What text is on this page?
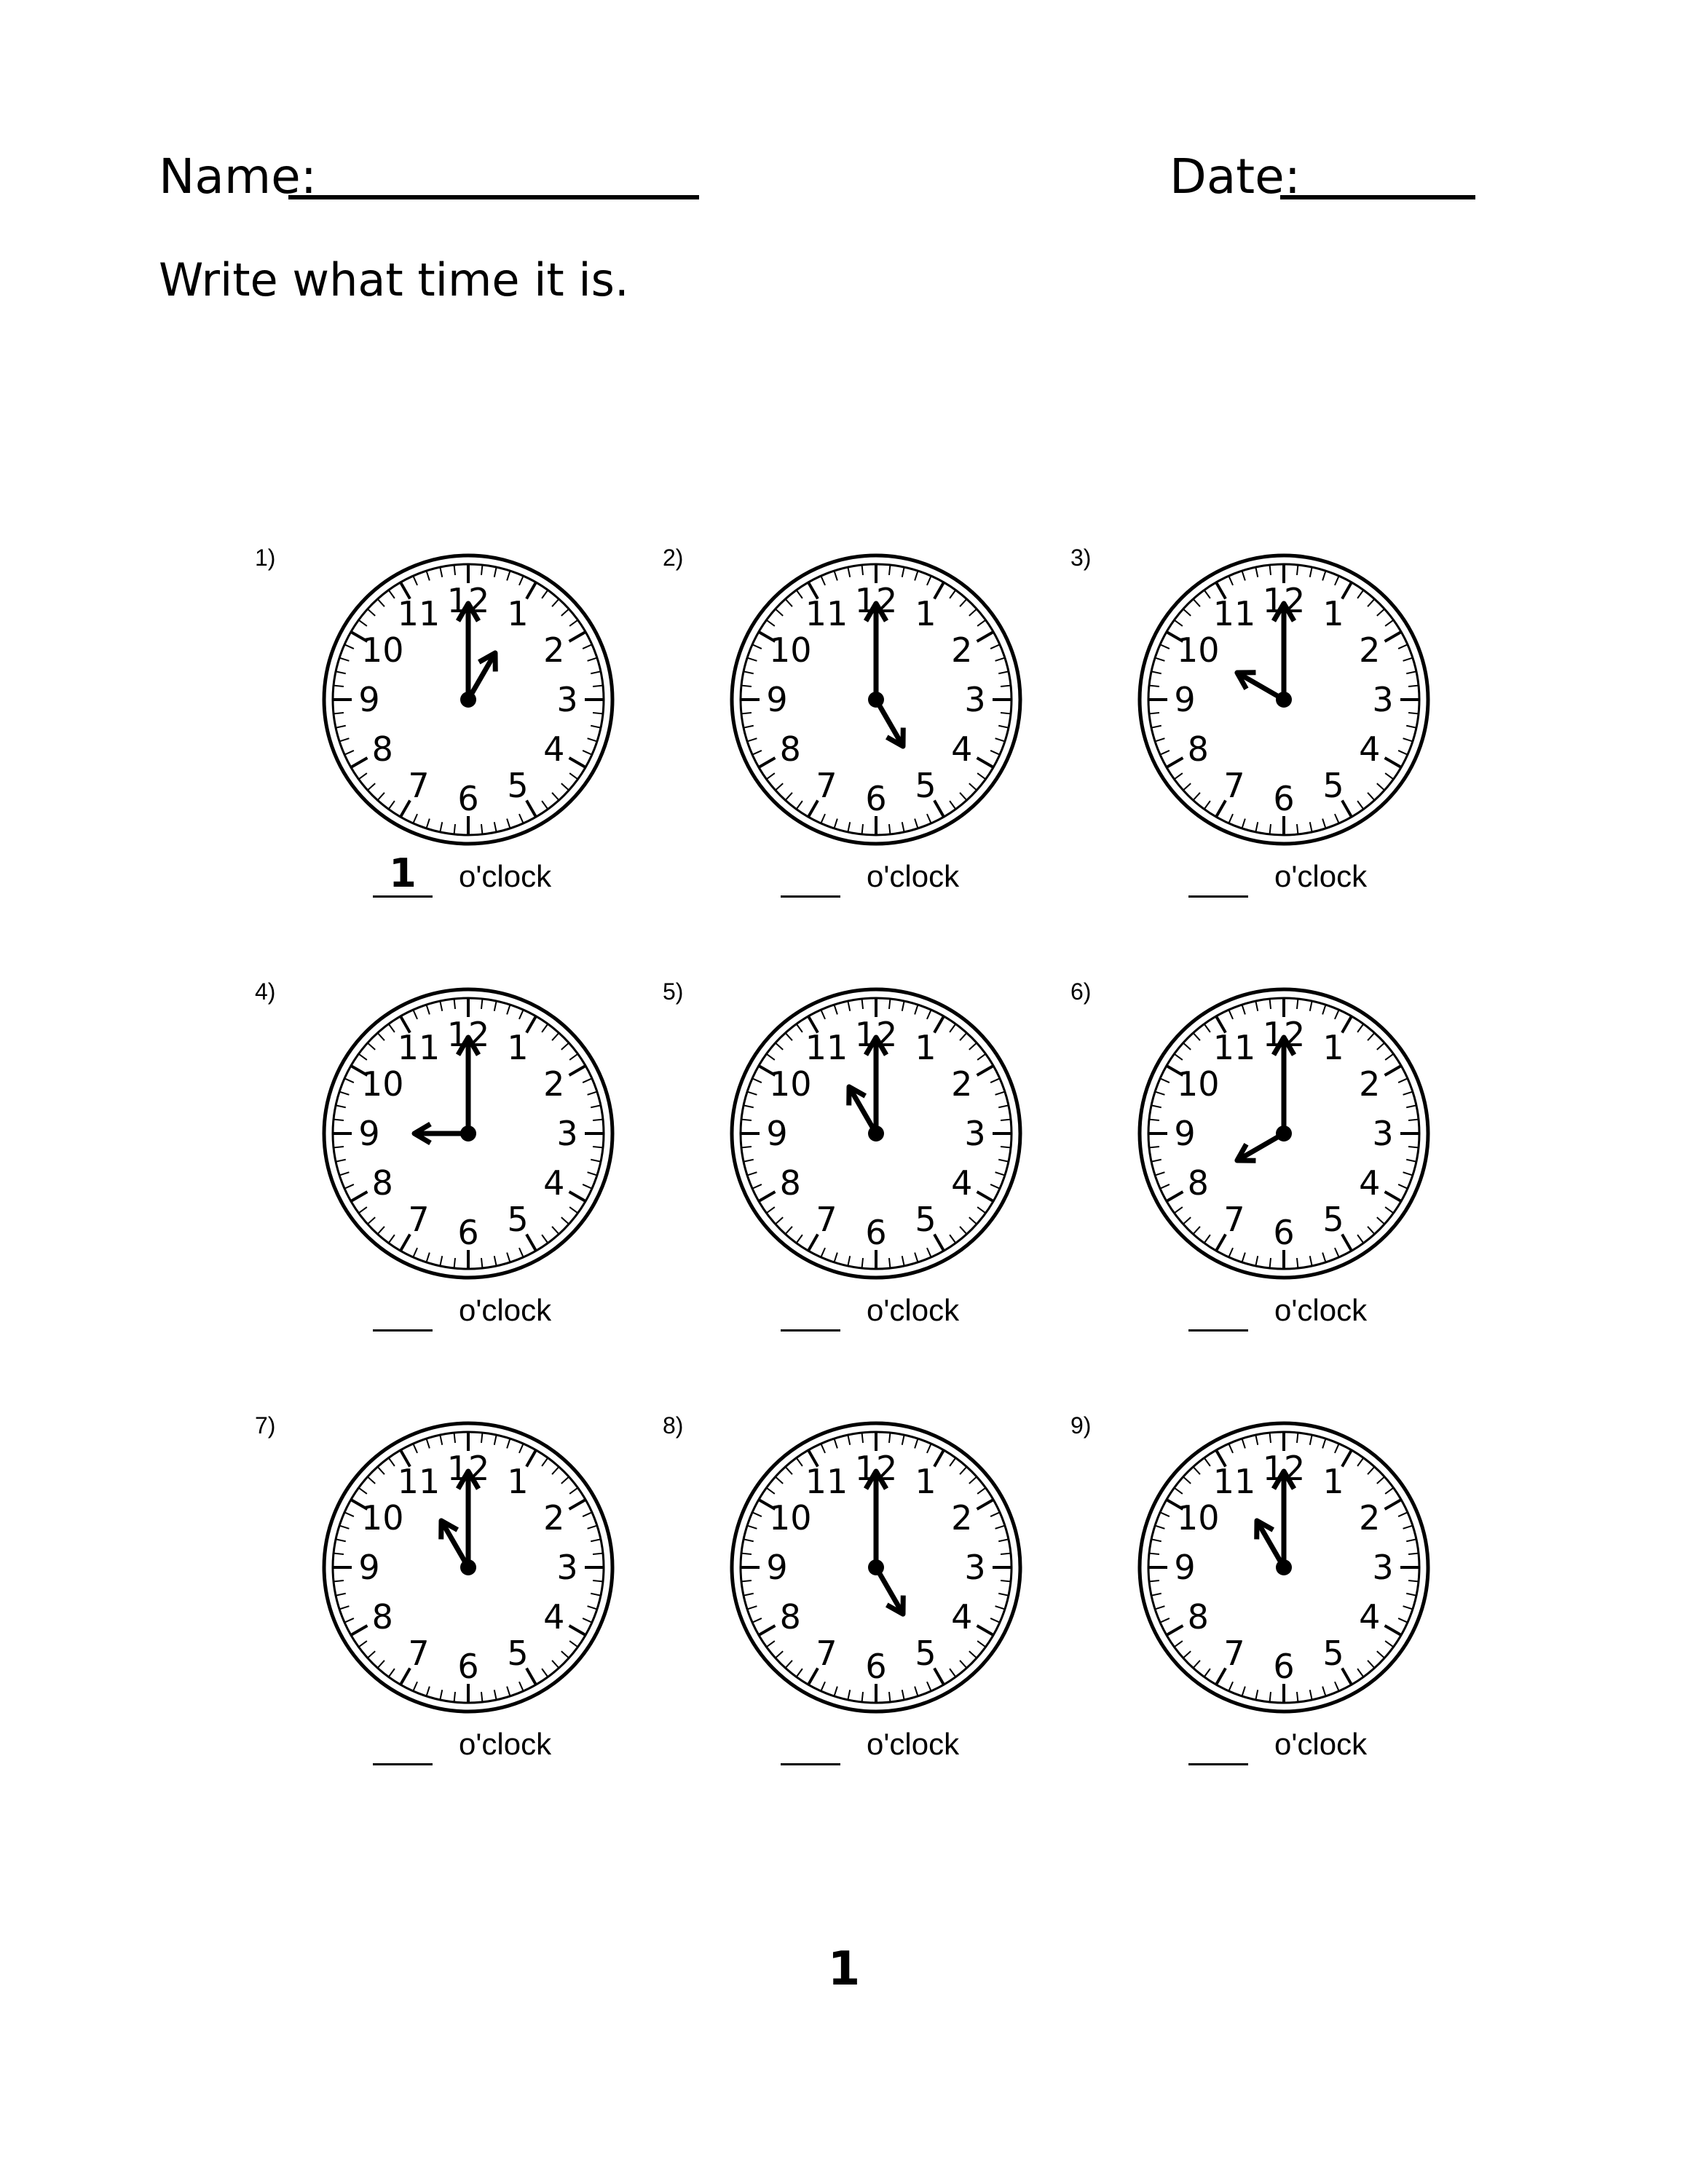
Name:	Date:
Write what time it is.
1)
12 1
2
3
4
5
6
7
8
9
10
11
1	o'clock
2)
12 1
2
3
4
5
6
7
8
9
10
11
o'clock
3)
12 1
2
3
4
5
6
7
8
9
10
11
o'clock
4)
12 1
2
3
4
5
6
7
8
9
10
11
o'clock
5)
12 1
2
3
4
5
6
7
8
9
10
11
o'clock
6)
12 1
2
3
4
5
6
7
8
9
10
11
o'clock
7)
12 1
2
3
4
5
6
7
8
9
10
11
o'clock
8)
12 1
2
3
4
5
6
7
8
9
10
11
o'clock
9)
12 1
2
3
4
5
6
7
8
9
10
11
o'clock
1
